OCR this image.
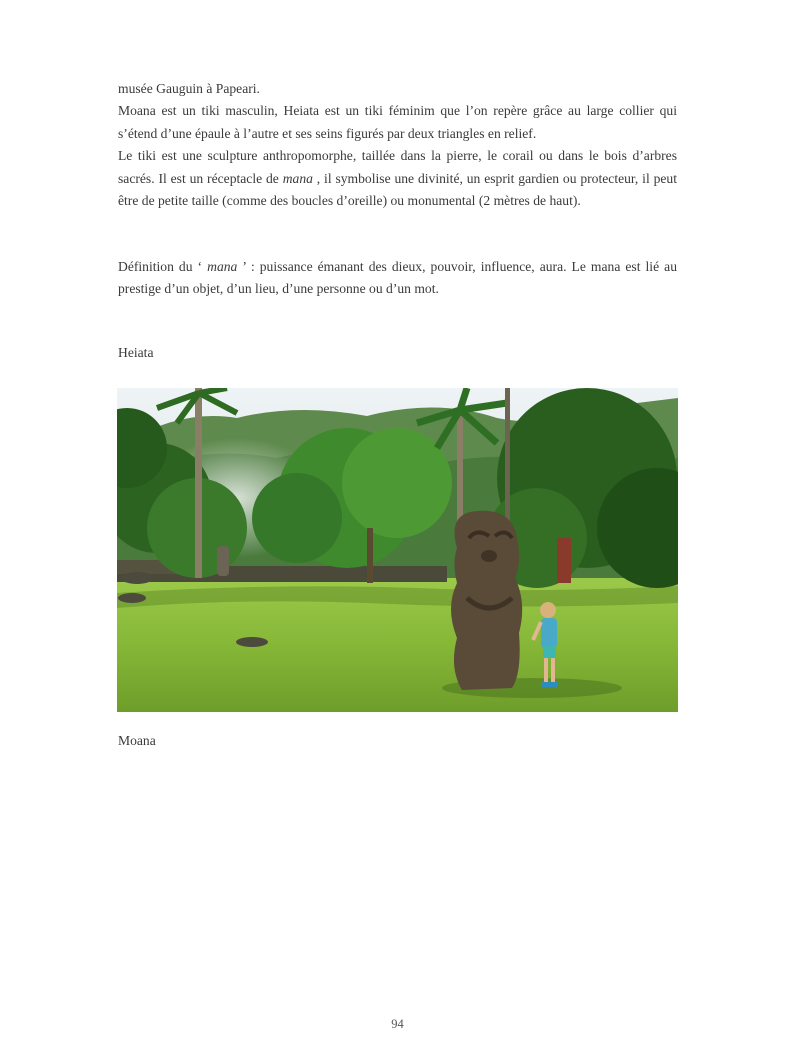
musée Gauguin à Papeari.

Moana est un tiki masculin, Heiata est un tiki féminim que l’on repère grâce au large collier qui s’étend d’une épaule à l’autre et ses seins figurés par deux triangles en relief.

Le tiki est une sculpture anthropomorphe, taillée dans la pierre, le corail ou dans le bois d’arbres sacrés. Il est un réceptacle de mana , il symbolise une divinité, un esprit gardien ou protecteur, il peut être de petite taille (comme des boucles d’oreille) ou monumental (2 mètres de haut).

Définition du ‘ mana ’ : puissance émanant des dieux, pouvoir, influence, aura. Le mana est lié au prestige d’un objet, d’un lieu, d’une personne ou d’un mot.

Heiata
Moana
94
